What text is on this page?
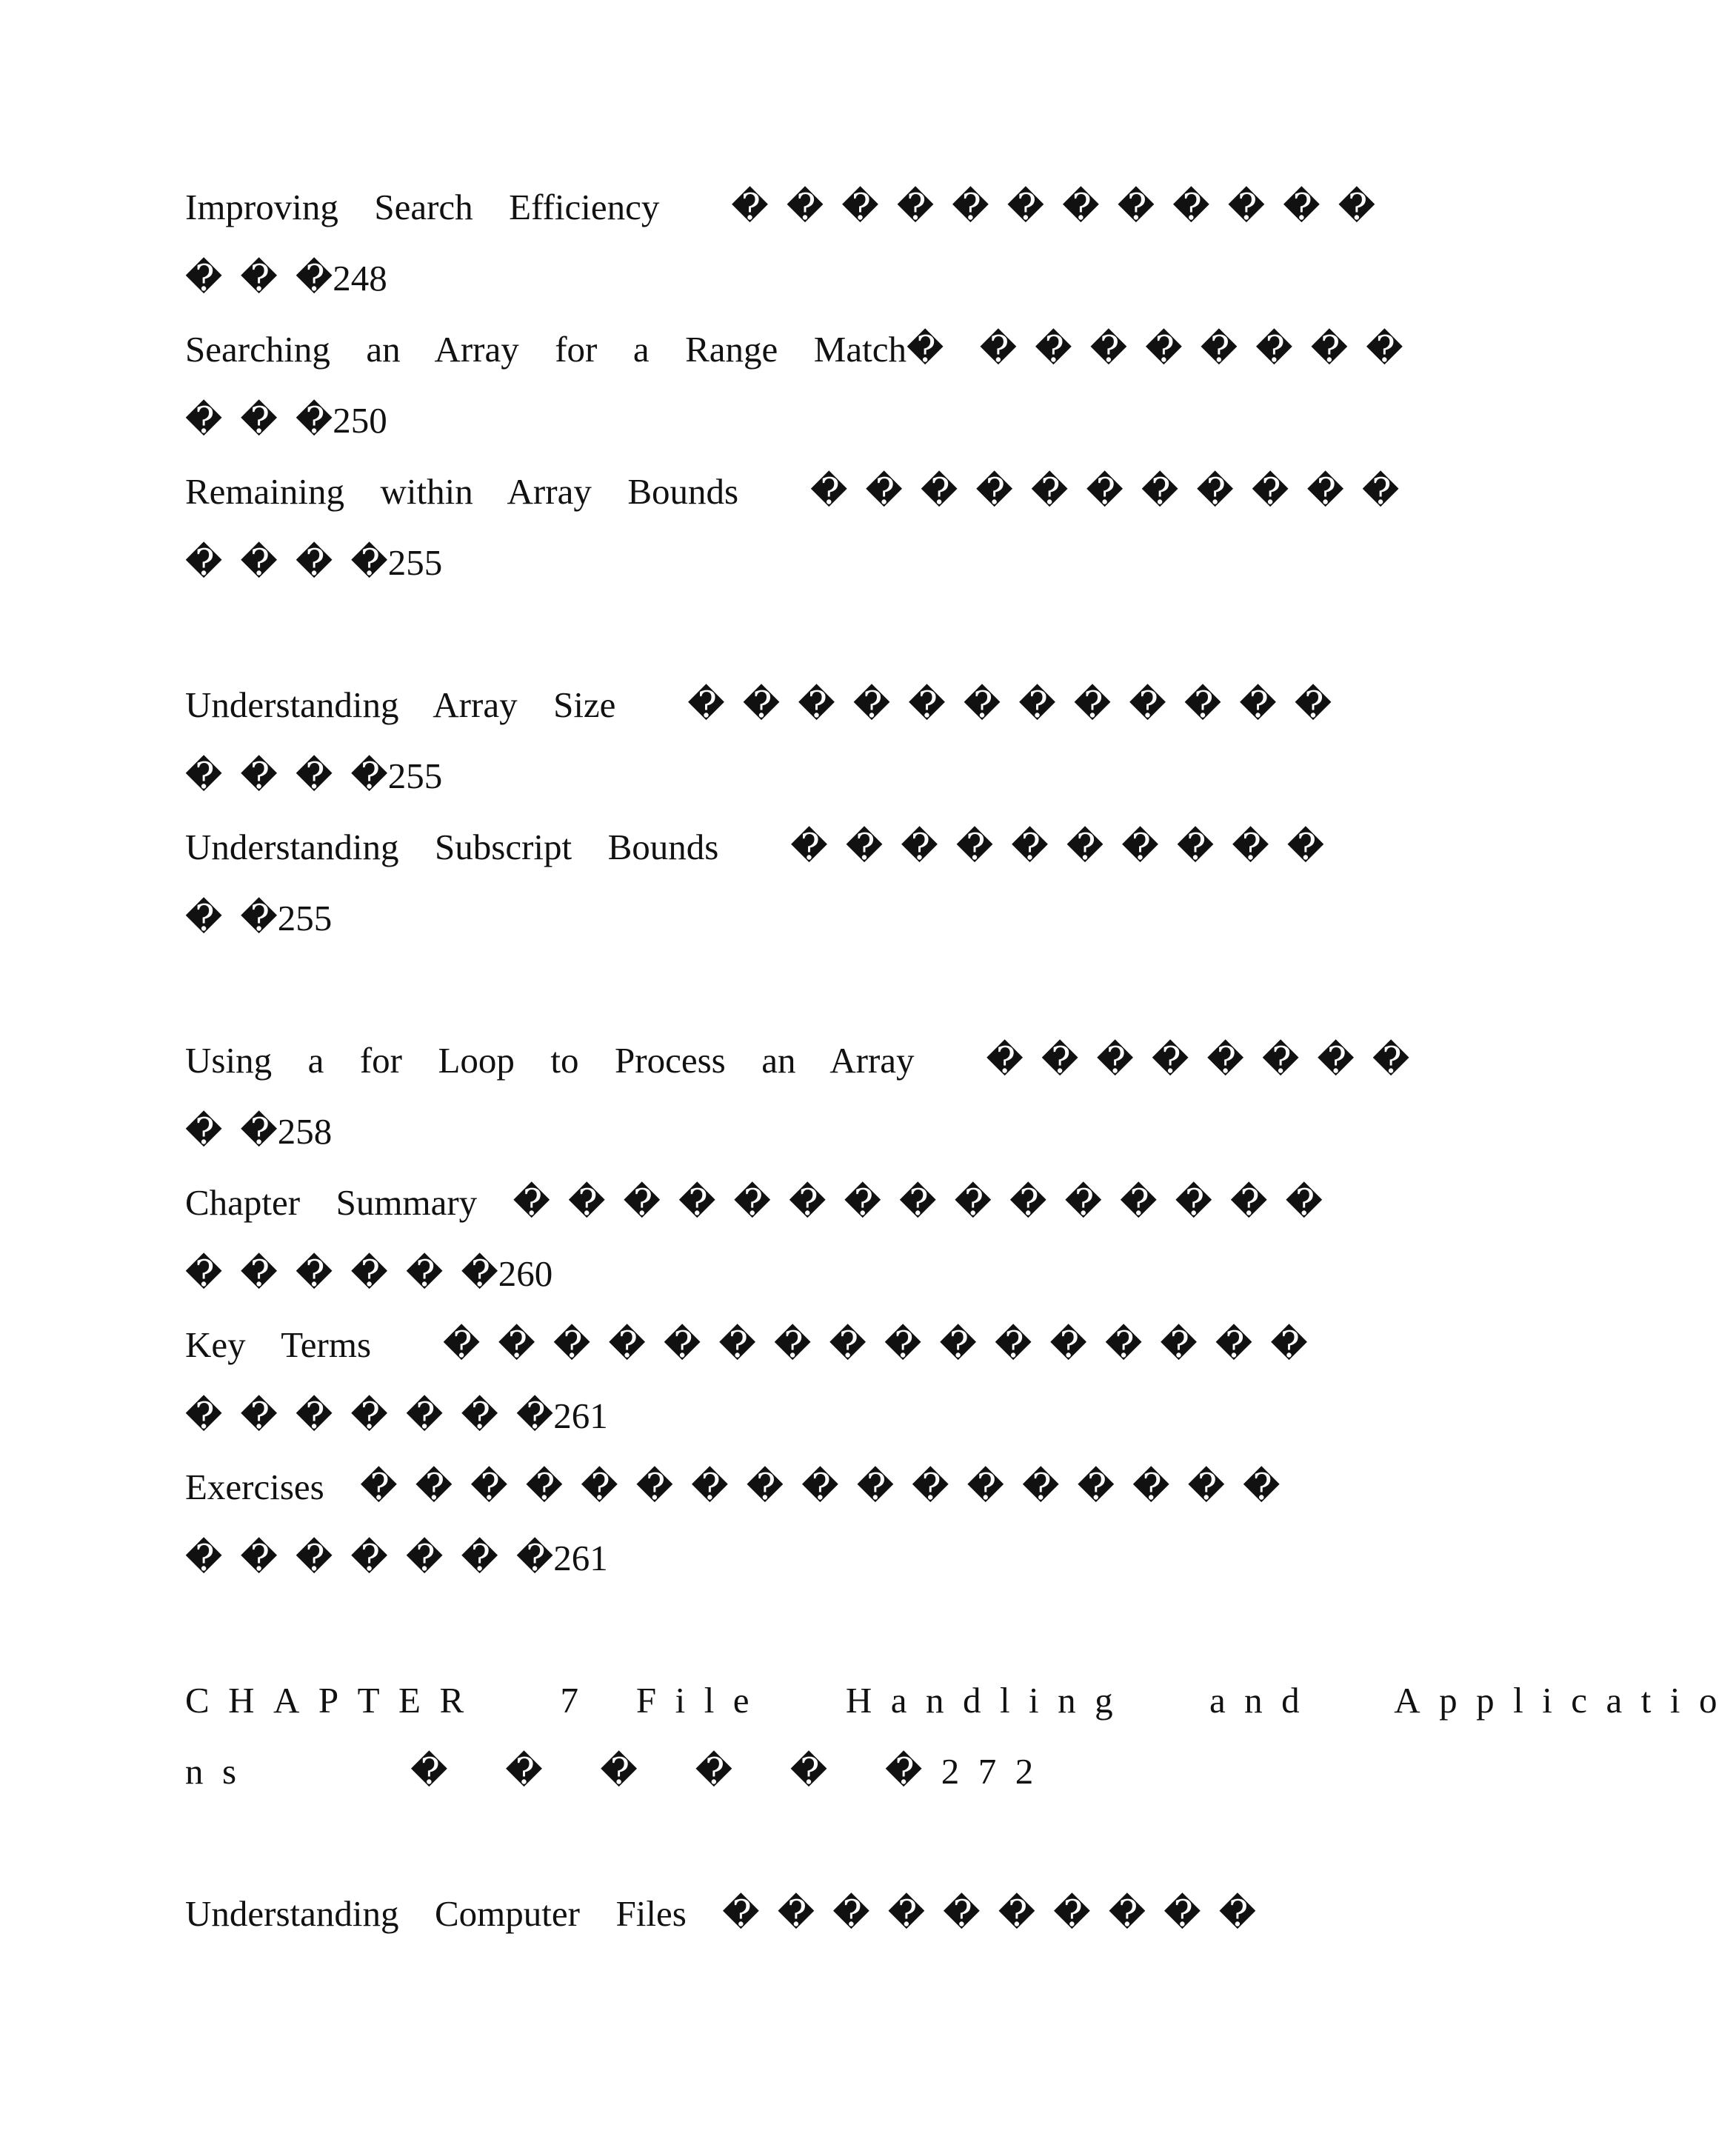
Improving  Search  Efficiency    � � � � � � � � � � � �
� � �248
Searching  an  Array  for  a  Range  Match�  � � � � � � � �
� � �250
Remaining  within  Array  Bounds    � � � � � � � � � � �
� � � �255
Understanding  Array  Size    � � � � � � � � � � � �
� � � �255
Understanding  Subscript  Bounds    � � � � � � � � � �
� �255
Using  a  for  Loop  to  Process  an  Array    � � � � � � � �
� �258
Chapter  Summary  � � � � � � � � � � � � � � �
� � � � � �260
Key  Terms    � � � � � � � � � � � � � � � �
� � � � � � �261
Exercises  � � � � � � � � � � � � � � � � �
� � � � � � �261
CHAPTER  7 File  Handling  and  Applicatio
ns    � � � � � �272
Understanding  Computer  Files  � � � � � � � � � �
